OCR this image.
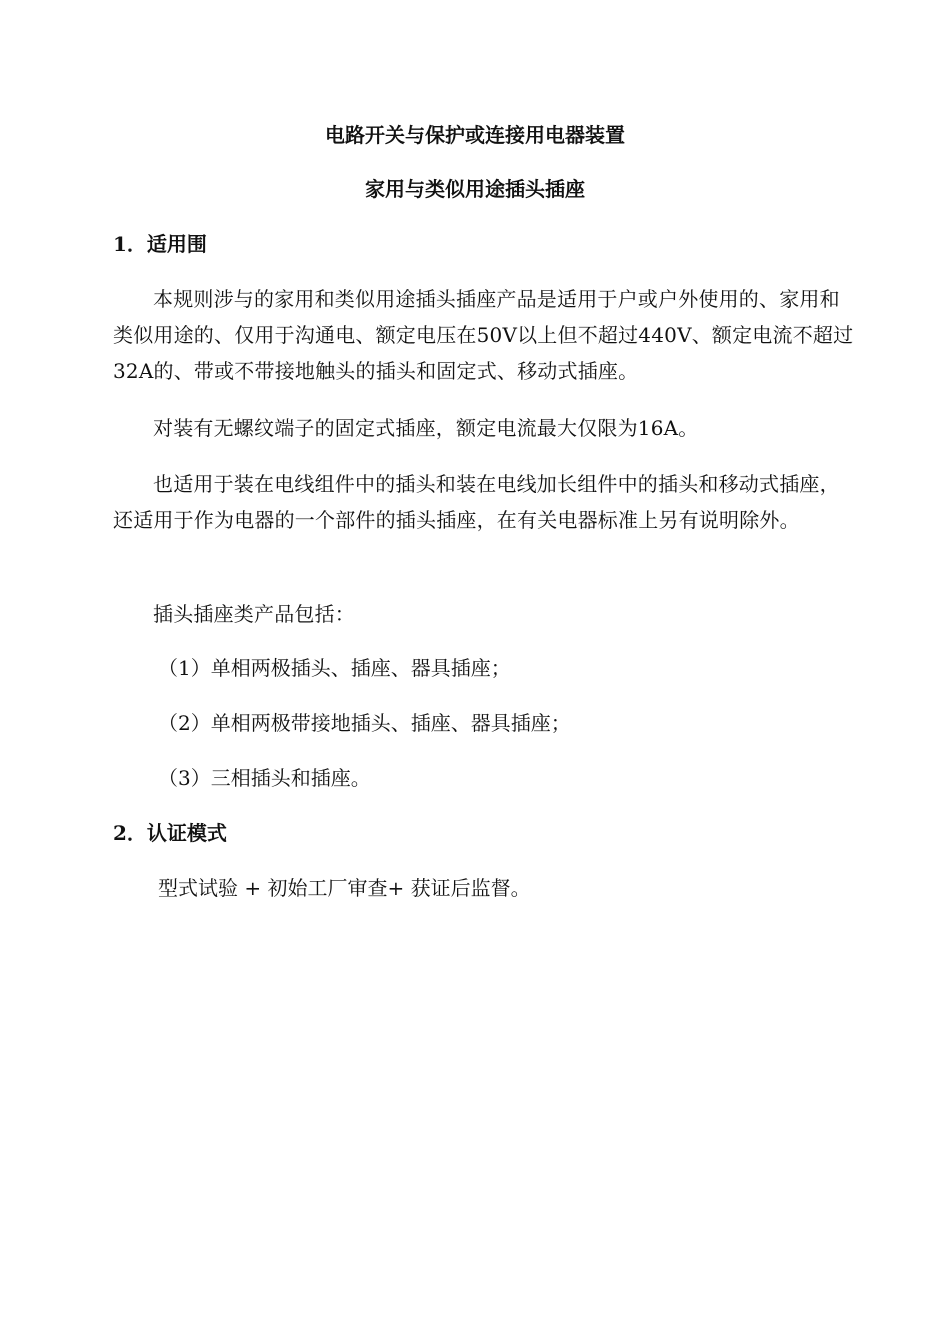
电路开关与保护或连接用电器装置
家用与类似用途插头插座
1．适用围
本规则涉与的家用和类似用途插头插座产品是适用于户或户外使用的、家用和类似用途的、仅用于沟通电、额定电压在50V以上但不超过440V、额定电流不超过32A的、带或不带接地触头的插头和固定式、移动式插座。
对装有无螺纹端子的固定式插座，额定电流最大仅限为16A。
也适用于装在电线组件中的插头和装在电线加长组件中的插头和移动式插座，还适用于作为电器的一个部件的插头插座，在有关电器标准上另有说明除外。
插头插座类产品包括：
（1）单相两极插头、插座、器具插座；
（2）单相两极带接地插头、插座、器具插座；
（3）三相插头和插座。
2．认证模式
型式试验 + 初始工厂审查+ 获证后监督。
